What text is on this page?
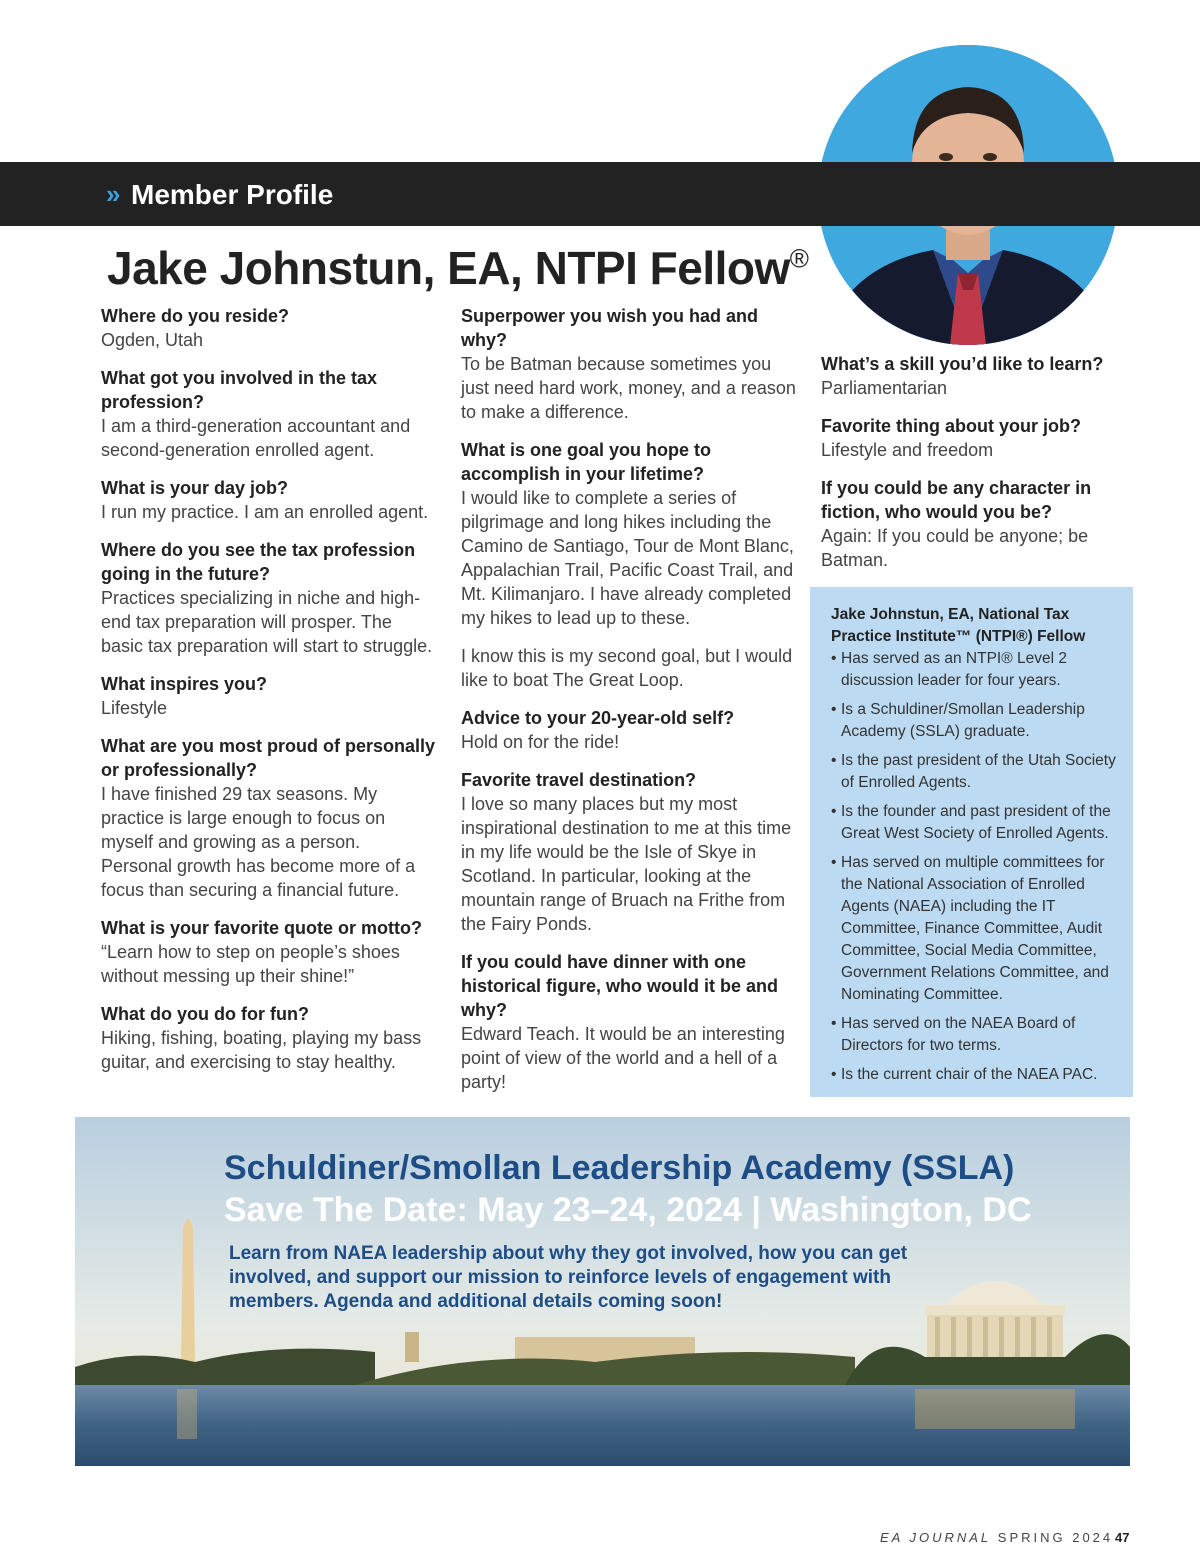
» Member Profile
Jake Johnstun, EA, NTPI Fellow®
Where do you reside?
Ogden, Utah
What got you involved in the tax profession?
I am a third-generation accountant and second-generation enrolled agent.
What is your day job?
I run my practice. I am an enrolled agent.
Where do you see the tax profession going in the future?
Practices specializing in niche and high-end tax preparation will prosper. The basic tax preparation will start to struggle.
What inspires you?
Lifestyle
What are you most proud of personally or professionally?
I have finished 29 tax seasons. My practice is large enough to focus on myself and growing as a person. Personal growth has become more of a focus than securing a financial future.
What is your favorite quote or motto?
“Learn how to step on people’s shoes without messing up their shine!”
What do you do for fun?
Hiking, fishing, boating, playing my bass guitar, and exercising to stay healthy.
Superpower you wish you had and why?
To be Batman because sometimes you just need hard work, money, and a reason to make a difference.
What is one goal you hope to accomplish in your lifetime?
I would like to complete a series of pilgrimage and long hikes including the Camino de Santiago, Tour de Mont Blanc, Appalachian Trail, Pacific Coast Trail, and Mt. Kilimanjaro. I have already completed my hikes to lead up to these.

I know this is my second goal, but I would like to boat The Great Loop.

Advice to your 20-year-old self?
Hold on for the ride!
Favorite travel destination?
I love so many places but my most inspirational destination to me at this time in my life would be the Isle of Skye in Scotland. In particular, looking at the mountain range of Bruach na Frithe from the Fairy Ponds.
If you could have dinner with one historical figure, who would it be and why?
Edward Teach. It would be an interesting point of view of the world and a hell of a party!
What’s a skill you’d like to learn?
Parliamentarian
Favorite thing about your job?
Lifestyle and freedom
If you could be any character in fiction, who would you be?
Again: If you could be anyone; be Batman.
Jake Johnstun, EA, National Tax Practice Institute™ (NTPI®) Fellow
• Has served as an NTPI® Level 2 discussion leader for four years.
• Is a Schuldiner/Smollan Leadership Academy (SSLA) graduate.
• Is the past president of the Utah Society of Enrolled Agents.
• Is the founder and past president of the Great West Society of Enrolled Agents.
• Has served on multiple committees for the National Association of Enrolled Agents (NAEA) including the IT Committee, Finance Committee, Audit Committee, Social Media Committee, Government Relations Committee, and Nominating Committee.
• Has served on the NAEA Board of Directors for two terms.
• Is the current chair of the NAEA PAC.
Schuldiner/Smollan Leadership Academy (SSLA)
Save The Date: May 23–24, 2024 | Washington, DC

Learn from NAEA leadership about why they got involved, how you can get involved, and support our mission to reinforce levels of engagement with members. Agenda and additional details coming soon!

EA JOURNAL SPRING 2024 47
